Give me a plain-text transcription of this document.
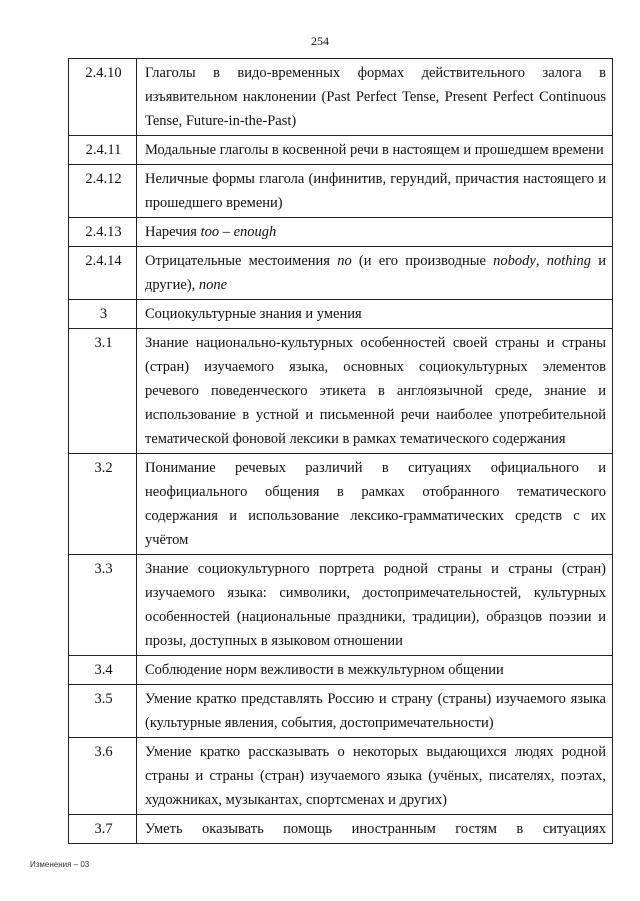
254
2.4.10	Глаголы в видо-временных формах действительного залога в изъявительном наклонении (Past Perfect Tense, Present Perfect Continuous Tense, Future-in-the-Past)
2.4.11	Модальные глаголы в косвенной речи в настоящем и прошедшем времени
2.4.12	Неличные формы глагола (инфинитив, герундий, причастия настоящего и прошедшего времени)
2.4.13	Наречия too – enough
2.4.14	Отрицательные местоимения no (и его производные nobody, nothing и другие), none
3	Социокультурные знания и умения
3.1	Знание национально-культурных особенностей своей страны и страны (стран) изучаемого языка, основных социокультурных элементов речевого поведенческого этикета в англоязычной среде, знание и использование в устной и письменной речи наиболее употребительной тематической фоновой лексики в рамках тематического содержания
3.2	Понимание речевых различий в ситуациях официального и неофициального общения в рамках отобранного тематического содержания и использование лексико-грамматических средств с их учётом
3.3	Знание социокультурного портрета родной страны и страны (стран) изучаемого языка: символики, достопримечательностей, культурных особенностей (национальные праздники, традиции), образцов поэзии и прозы, доступных в языковом отношении
3.4	Соблюдение норм вежливости в межкультурном общении
3.5	Умение кратко представлять Россию и страну (страны) изучаемого языка (культурные явления, события, достопримечательности)
3.6	Умение кратко рассказывать о некоторых выдающихся людях родной страны и страны (стран) изучаемого языка (учёных, писателях, поэтах, художниках, музыкантах, спортсменах и других)
3.7	Уметь оказывать помощь иностранным гостям в ситуациях
Изменения – 03
